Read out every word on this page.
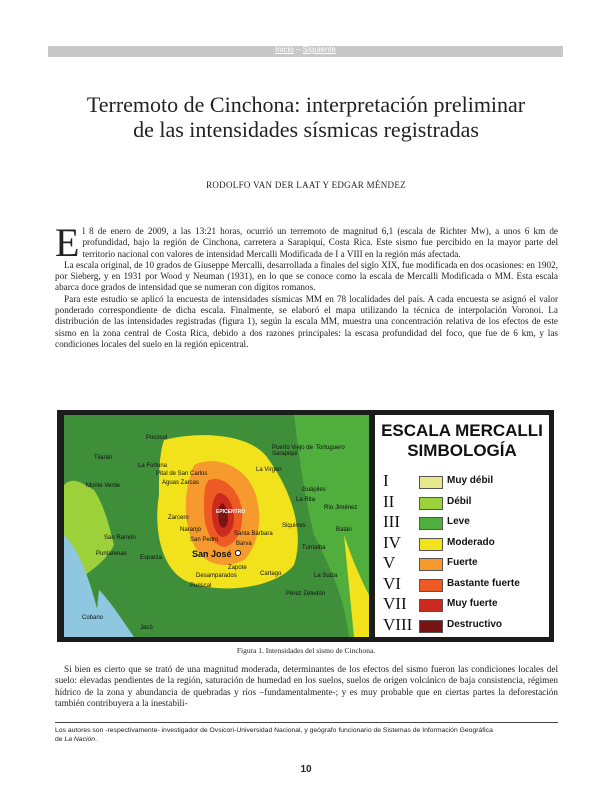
Inicio – Siguiente
Terremoto de Cinchona: interpretación preliminar
de las intensidades sísmicas registradas
RODOLFO VAN DER LAAT Y EDGAR MÉNDEZ

El 8 de enero de 2009, a las 13:21 horas, ocurrió un terremoto de magnitud 6,1 (escala de Richter Mw), a unos 6 km de profundidad, bajo la región de Cinchona, carretera a Sarapiquí, Costa Rica. Este sismo fue percibido en la mayor parte del territorio nacional con valores de intensidad Mercalli Modificada de I a VIII en la región más afectada.

La escala original, de 10 grados de Giuseppe Mercalli, desarrollada a finales del siglo XIX, fue modificada en dos ocasiones: en 1902, por Sieberg, y en 1931 por Wood y Neuman (1931), en lo que se conoce como la escala de Mercalli Modificada o MM. Esta escala abarca doce grados de intensidad que se numeran con dígitos romanos.

Para este estudio se aplicó la encuesta de intensidades sísmicas MM en 78 localidades del país. A cada encuesta se asignó el valor ponderado correspondiente de dicha escala. Finalmente, se elaboró el mapa utilizando la técnica de interpolación Voronoi. La distribución de las intensidades registradas (figura 1), según la escala MM, muestra una concentración relativa de los efectos de este sismo en la zona central de Costa Rica, debido a dos razones principales: la escasa profundidad del foco, que fue de 6 km, y las condiciones locales del suelo en la región epicentral.

Pocosol
Puerto Viejo de Sarapiquí
Tortuguero
Tilarán
La Fortuna
La Virgen
Pital de San Carlos
Aguas Zarcas
Monte Verde
Guápiles
La Rita
Río Jiménez
Zarcero
EPICENTRO
Siquirres
Batán
San Ramón
Naranjo
San Pedro
Santa Bárbara
Barva
Turrialba
Puntarenas
Esparza	San José
Zapote
Cartago
Desamparados	La Suiza
Puriscal
Pérez Zeledón
Cobano
Jacó
ESCALA MERCALLI
SIMBOLOGÍA
I	Muy débil
II	Débil
III	Leve
IV	Moderado
V	Fuerte
VI	Bastante fuerte
VII	Muy fuerte
VIII	Destructivo
Figura 1. Intensidades del sismo de Cinchona.

Si bien es cierto que se trató de una magnitud moderada, determinantes de los efectos del sismo fueron las condiciones locales del suelo: elevadas pendientes de la región, saturación de humedad en los suelos, suelos de origen volcánico de baja consistencia, régimen hídrico de la zona y abundancia de quebradas y ríos –fundamentalmente-; y es muy probable que en ciertas partes la deforestación también contribuyera a la inestabili-

Los autores son -respectivamente- investigador de Ovsicori-Universidad Nacional, y geógrafo funcionario de Sistemas de Información Geográfica
de La Nación.
10
